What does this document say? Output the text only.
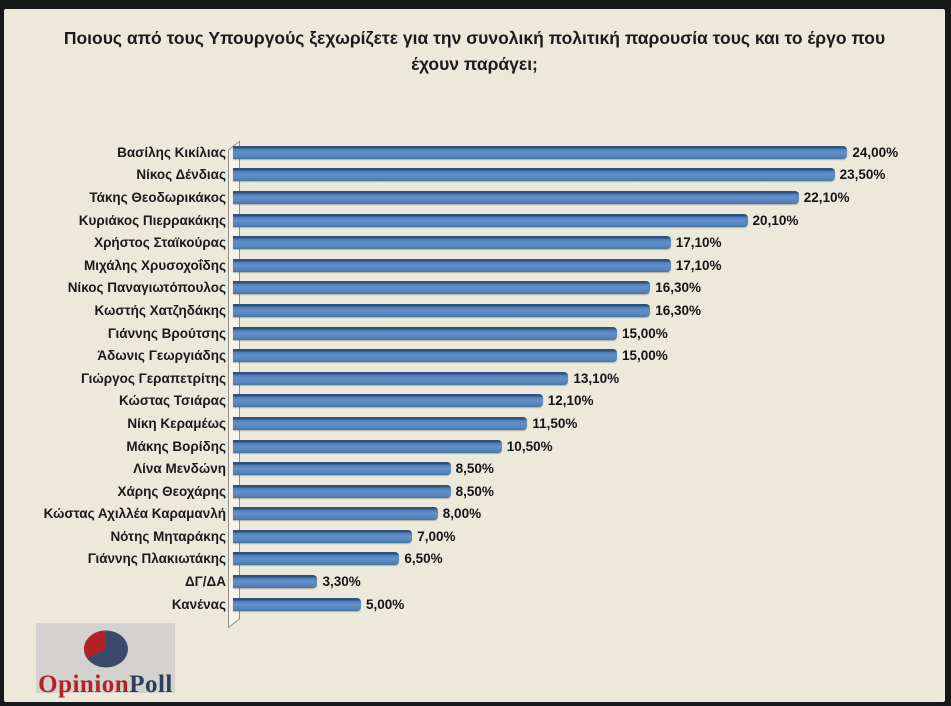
Ποιους από τους Υπουργούς ξεχωρίζετε για την συνολική πολιτική παρουσία τους και το έργο που έχουν παράγει;
Βασίλης Κικίλιας	24,00%
Νίκος Δένδιας	23,50%
Τάκης Θεοδωρικάκος	22,10%
Κυριάκος Πιερρακάκης	20,10%
Χρήστος Σταϊκούρας	17,10%
Μιχάλης Χρυσοχοΐδης	17,10%
Νίκος Παναγιωτόπουλος	16,30%
Κωστής Χατζηδάκης	16,30%
Γιάννης Βρούτσης	15,00%
Άδωνις Γεωργιάδης	15,00%
Γιώργος Γεραπετρίτης	13,10%
Κώστας Τσιάρας	12,10%
Νίκη Κεραμέως	11,50%
Μάκης Βορίδης	10,50%
Λίνα Μενδώνη	8,50%
Χάρης Θεοχάρης	8,50%
Κώστας Αχιλλέα Καραμανλή	8,00%
Νότης Μηταράκης	7,00%
Γιάννης Πλακιωτάκης	6,50%
ΔΓ/ΔΑ	3,30%
Κανένας	5,00%
OpinionPoll
